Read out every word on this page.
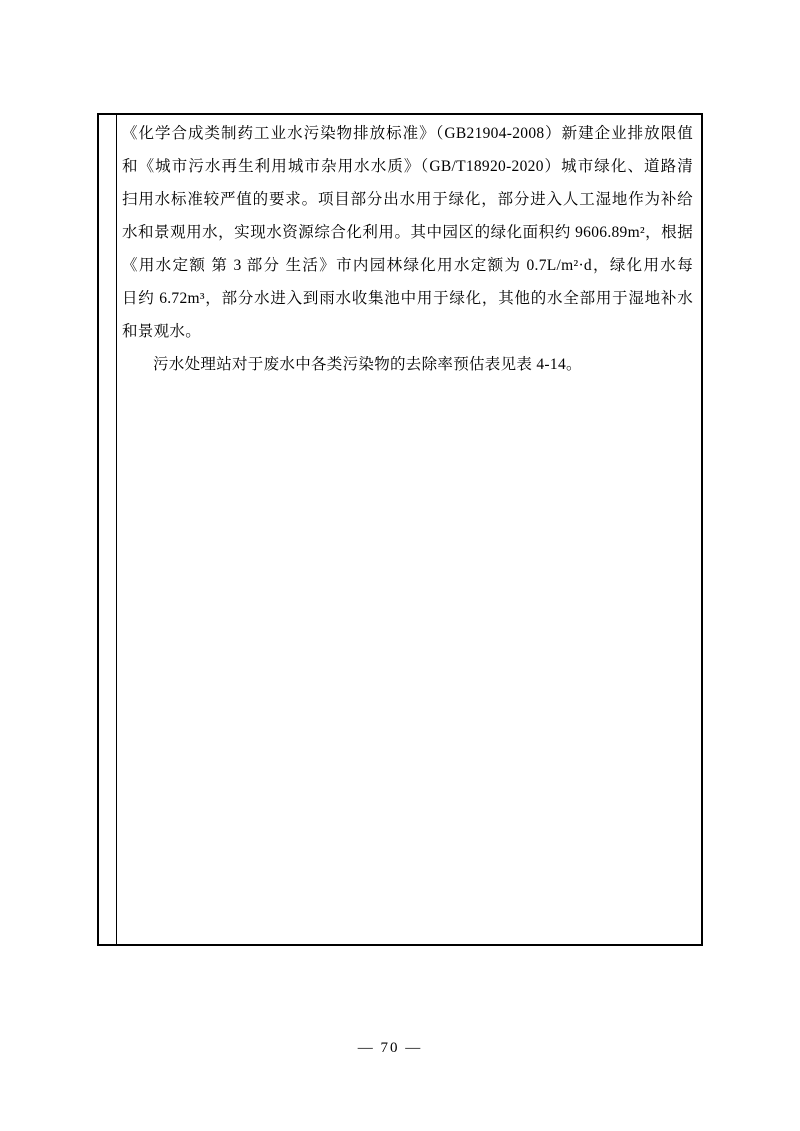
《化学合成类制药工业水污染物排放标准》（GB21904-2008）新建企业排放限值
和《城市污水再生利用城市杂用水水质》（GB/T18920-2020）城市绿化、道路清
扫用水标准较严值的要求。项目部分出水用于绿化，部分进入人工湿地作为补给
水和景观用水，实现水资源综合化利用。其中园区的绿化面积约 9606.89m²，根据
《用水定额 第 3 部分 生活》市内园林绿化用水定额为 0.7L/m²·d，绿化用水每
日约 6.72m³，部分水进入到雨水收集池中用于绿化，其他的水全部用于湿地补水
和景观水。
污水处理站对于废水中各类污染物的去除率预估表见表 4-14。
— 70 —
